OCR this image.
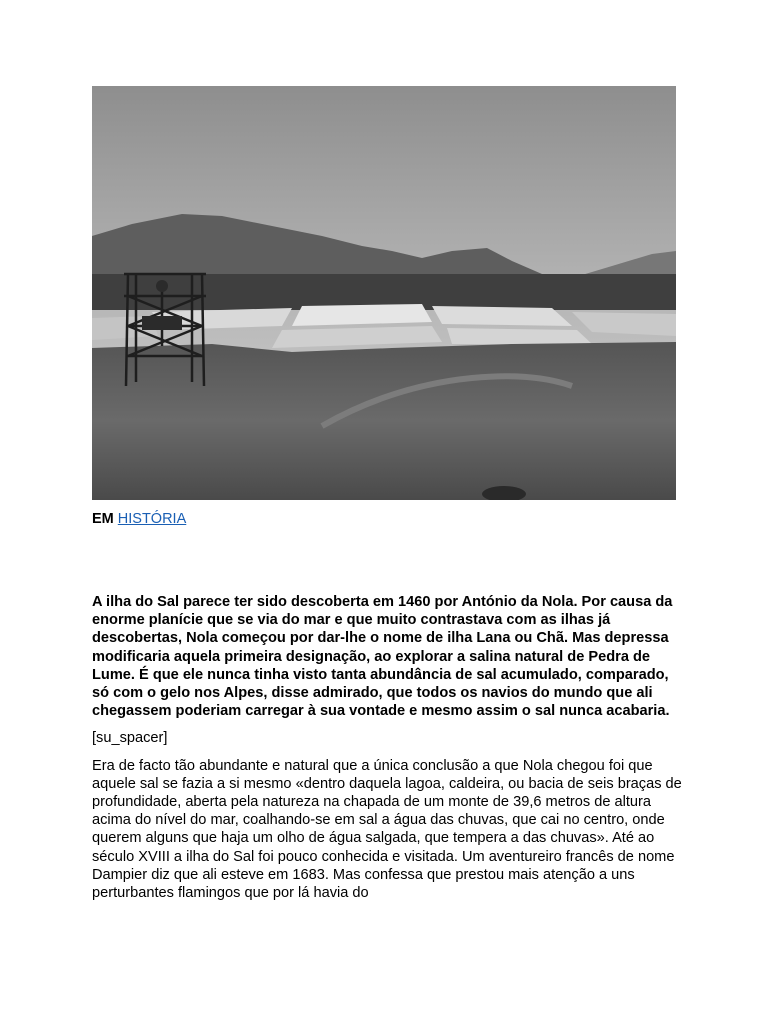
EM HISTÓRIA

A ilha do Sal parece ter sido descoberta em 1460 por António da Nola. Por causa da enorme planície que se via do mar e que muito contrastava com as ilhas já descobertas, Nola começou por dar-lhe o nome de ilha Lana ou Chã. Mas depressa modificaria aquela primeira designação, ao explorar a salina natural de Pedra de Lume. É que ele nunca tinha visto tanta abundância de sal acumulado, comparado, só com o gelo nos Alpes, disse admirado, que todos os navios do mundo que ali chegassem poderiam carregar à sua vontade e mesmo assim o sal nunca acabaria.

[su_spacer]

Era de facto tão abundante e natural que a única conclusão a que Nola chegou foi que aquele sal se fazia a si mesmo «dentro daquela lagoa, caldeira, ou bacia de seis braças de profundidade, aberta pela natureza na chapada de um monte de 39,6 metros de altura acima do nível do mar, coalhando-se em sal a água das chuvas, que cai no centro, onde querem alguns que haja um olho de água salgada, que tempera a das chuvas». Até ao século XVIII a ilha do Sal foi pouco conhecida e visitada. Um aventureiro francês de nome Dampier diz que ali esteve em 1683. Mas confessa que prestou mais atenção a uns perturbantes flamingos que por lá havia do
